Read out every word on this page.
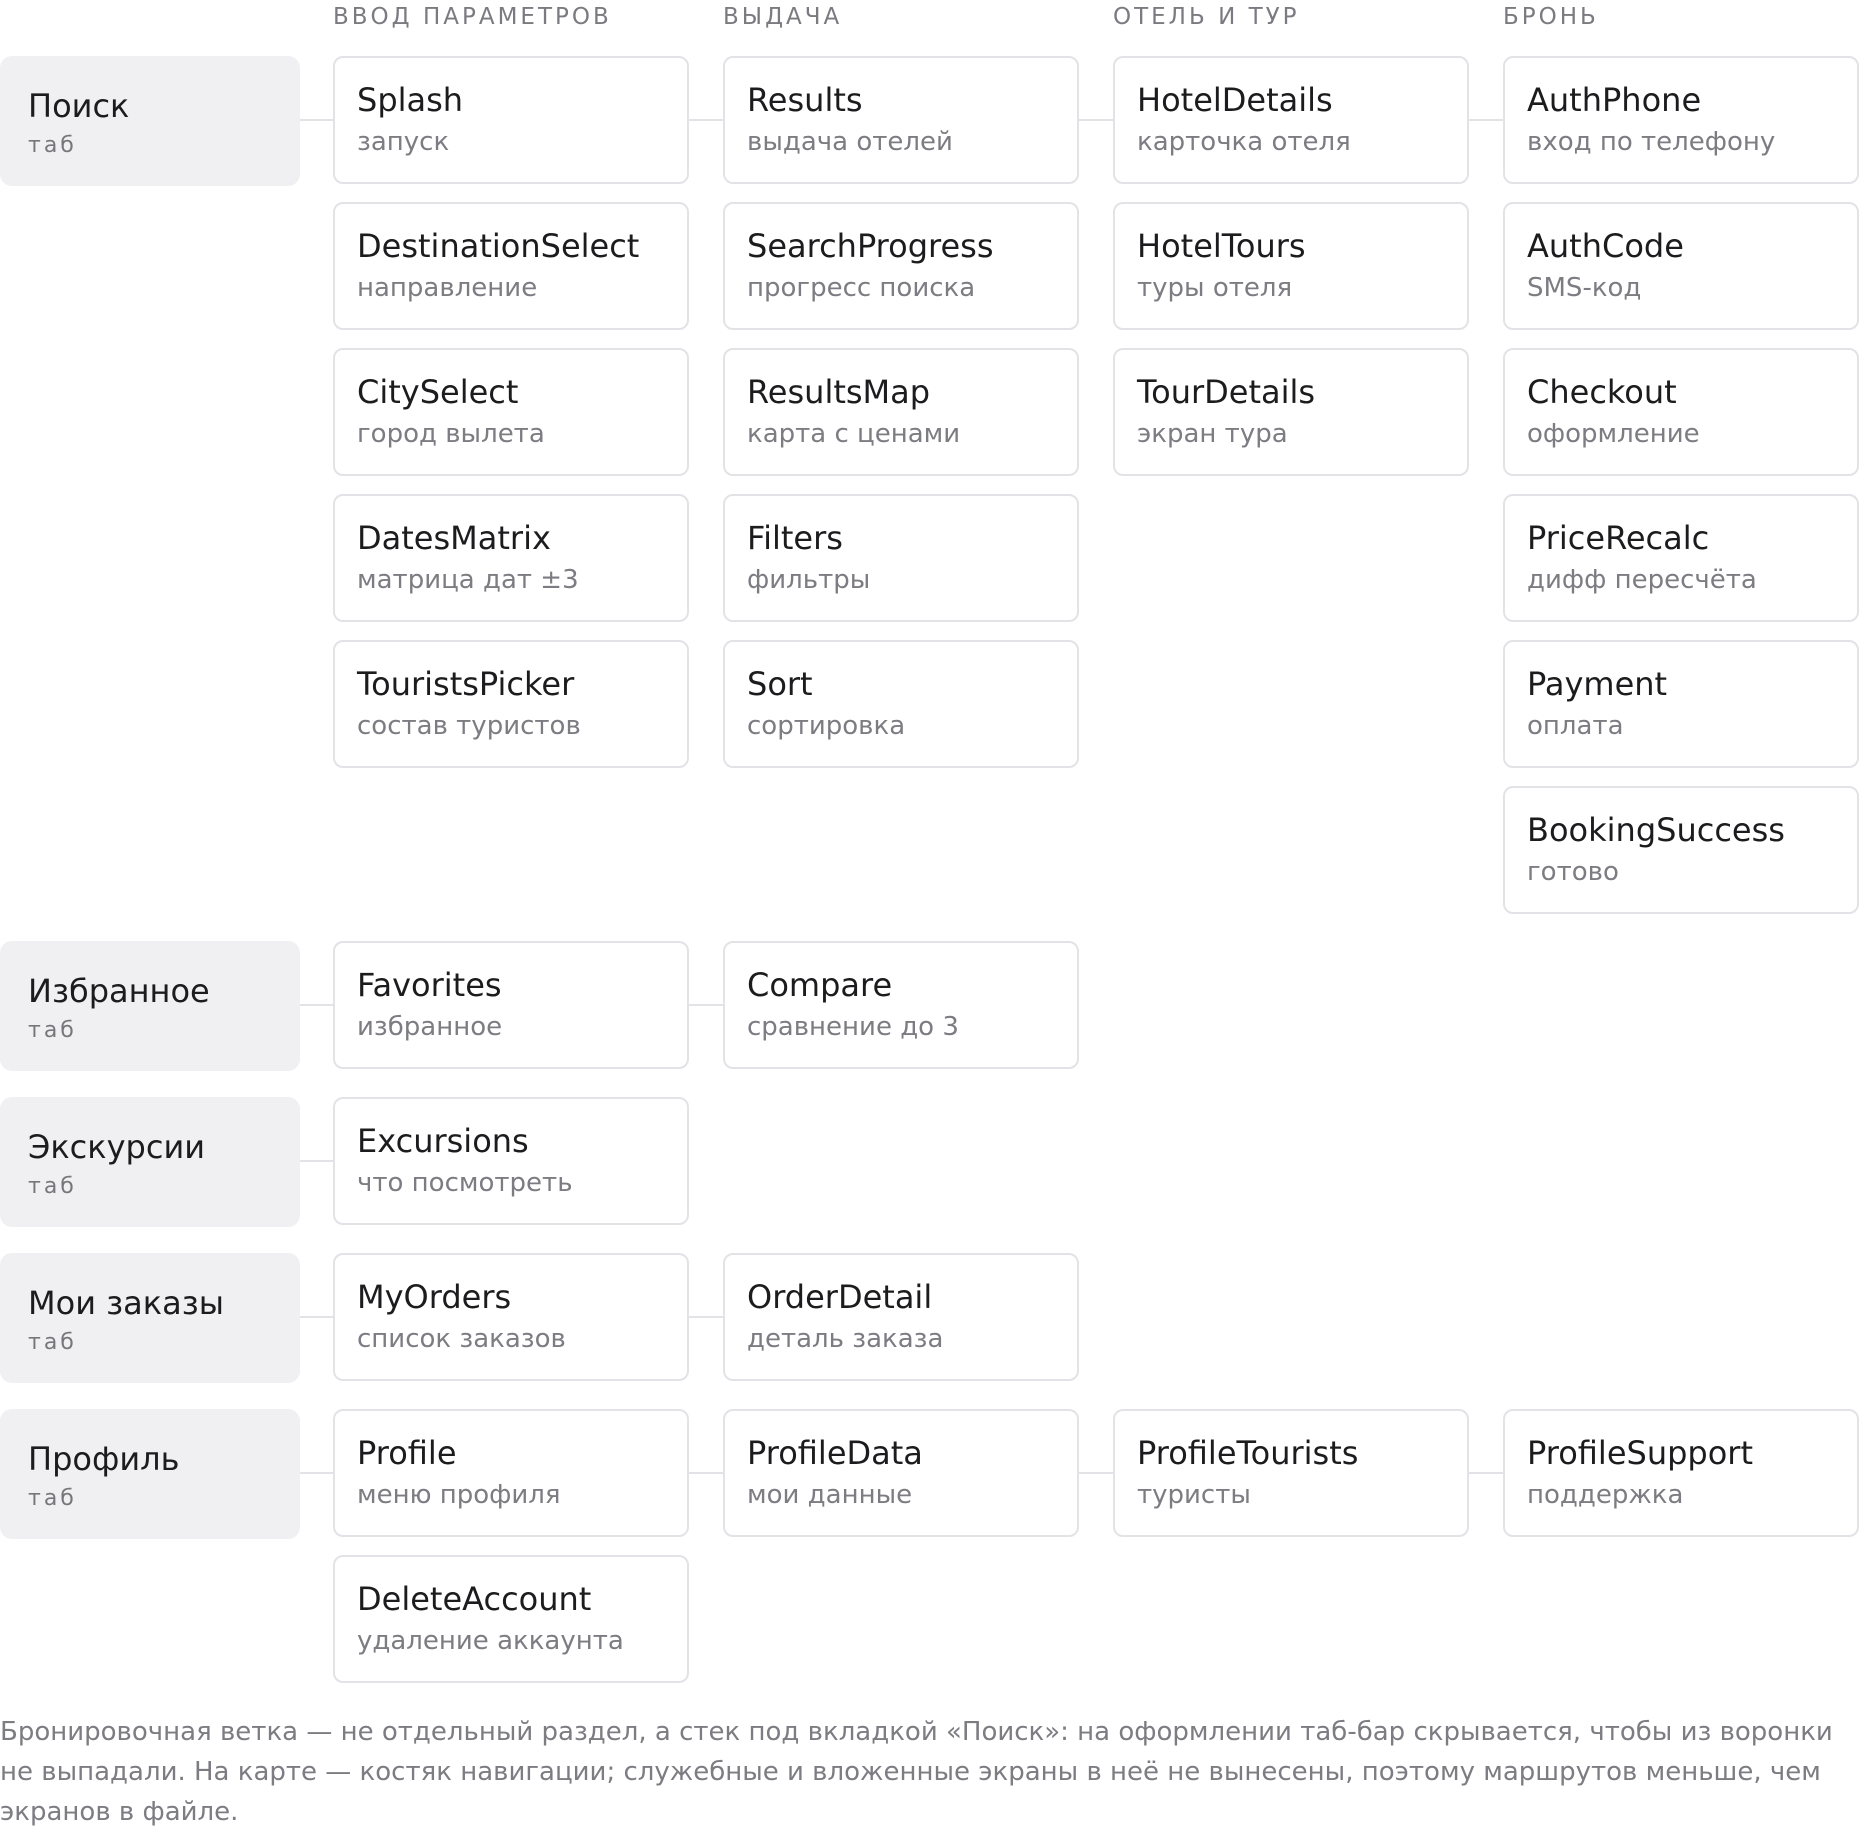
ВВОД ПАРАМЕТРОВ	ВЫДАЧА	ОТЕЛЬ И ТУР	БРОНЬ
Поиск
таб
Splash
запуск
Results
выдача отелей
HotelDetails
карточка отеля
AuthPhone
вход по телефону
DestinationSelect
направление
SearchProgress
прогресс поиска
HotelTours
туры отеля
AuthCode
SMS-код
CitySelect
город вылета
ResultsMap
карта с ценами
TourDetails
экран тура
Checkout
оформление
DatesMatrix
матрица дат ±3
Filters
фильтры
PriceRecalc
дифф пересчёта
TouristsPicker
состав туристов
Sort
сортировка
Payment
оплата
BookingSuccess
готово
Избранное
таб
Favorites
избранное
Compare
сравнение до 3
Экскурсии
таб
Excursions
что посмотреть
Мои заказы
таб
MyOrders
список заказов
OrderDetail
деталь заказа
Профиль
таб
Profile
меню профиля
ProfileData
мои данные
ProfileTourists
туристы
ProfileSupport
поддержка
DeleteAccount
удаление аккаунта
Бронировочная ветка — не отдельный раздел, а стек под вкладкой «Поиск»: на оформлении таб-бар скрывается, чтобы из воронки не выпадали. На карте — костяк навигации; служебные и вложенные экраны в неё не вынесены, поэтому маршрутов меньше, чем экранов в файле.
